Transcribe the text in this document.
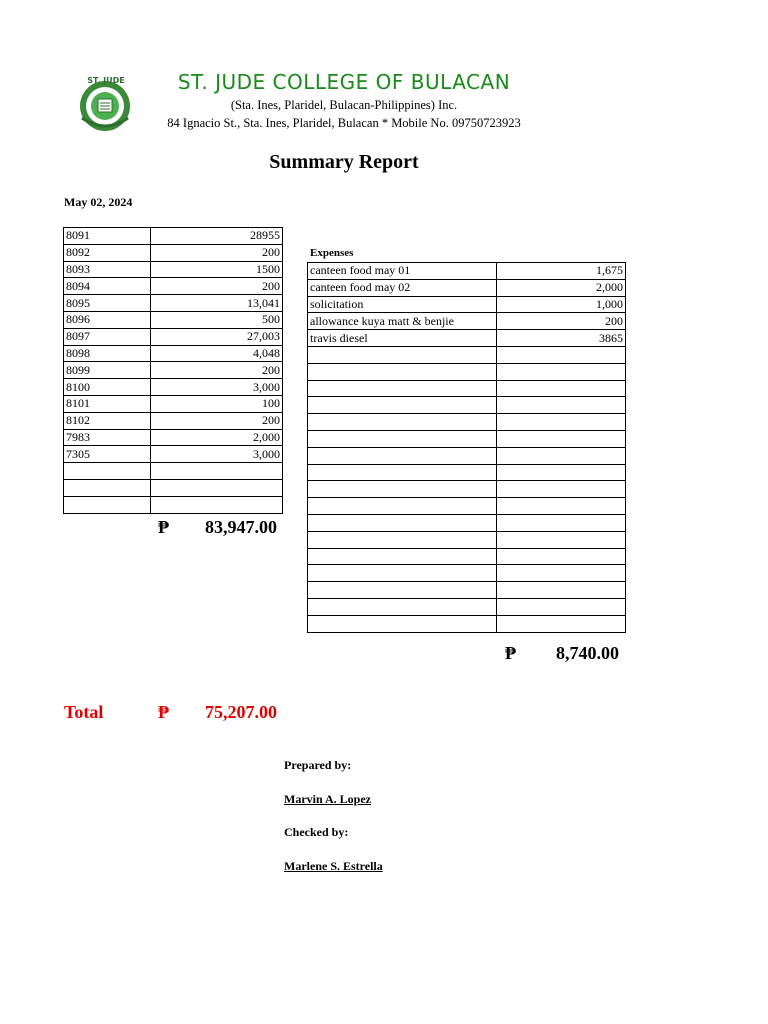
ST. JUDE	ST. JUDE COLLEGE OF BULACAN
(Sta. Ines, Plaridel, Bulacan-Philippines) Inc.
84 Ignacio St., Sta. Ines, Plaridel, Bulacan * Mobile No. 09750723923
Summary Report
May 02, 2024
8091	28955
8092	200
8093	1500
8094	200
8095	13,041
8096	500
8097	27,003
8098	4,048
8099	200
8100	3,000
8101	100
8102	200
7983	2,000
7305	3,000

₱	83,947.00
Expenses
canteen food may 01	1,675
canteen food may 02	2,000
solicitation	1,000
allowance kuya matt & benjie	200
travis diesel	3865

₱	8,740.00
Total	₱	75,207.00
Prepared by:
Marvin A. Lopez
Checked by:
Marlene S. Estrella
